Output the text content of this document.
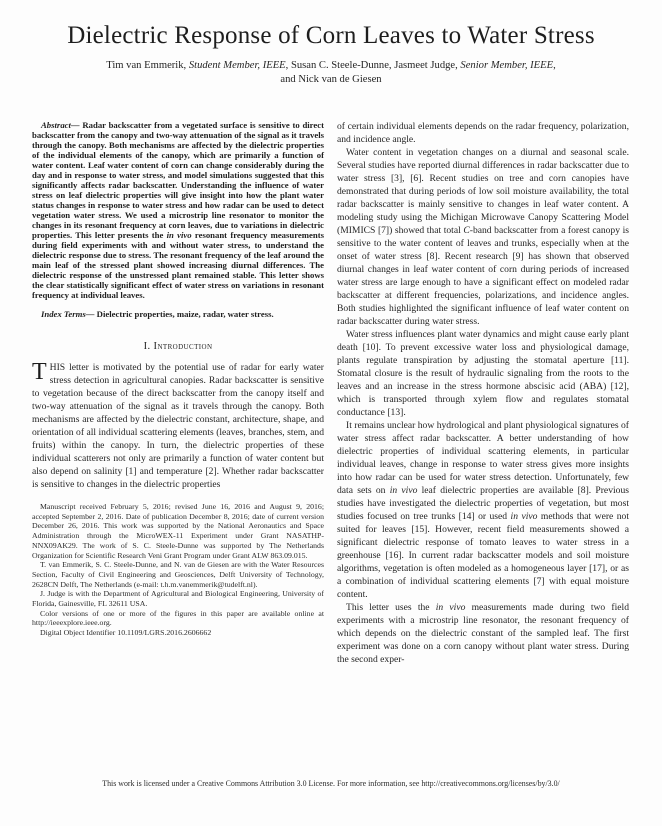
Dielectric Response of Corn Leaves to Water Stress
Tim van Emmerik, Student Member, IEEE, Susan C. Steele-Dunne, Jasmeet Judge, Senior Member, IEEE,
and Nick van de Giesen

Abstract— Radar backscatter from a vegetated surface is sensitive to direct backscatter from the canopy and two-way attenuation of the signal as it travels through the canopy. Both mechanisms are affected by the dielectric properties of the individual elements of the canopy, which are primarily a function of water content. Leaf water content of corn can change considerably during the day and in response to water stress, and model simulations suggested that this significantly affects radar backscatter. Understanding the influence of water stress on leaf dielectric properties will give insight into how the plant water status changes in response to water stress and how radar can be used to detect vegetation water stress. We used a microstrip line resonator to monitor the changes in its resonant frequency at corn leaves, due to variations in dielectric properties. This letter presents the in vivo resonant frequency measurements during field experiments with and without water stress, to understand the dielectric response due to stress. The resonant frequency of the leaf around the main leaf of the stressed plant showed increasing diurnal differences. The dielectric response of the unstressed plant remained stable. This letter shows the clear statistically significant effect of water stress on variations in resonant frequency at individual leaves.

Index Terms— Dielectric properties, maize, radar, water stress.

I. Introduction

THIS letter is motivated by the potential use of radar for early water stress detection in agricultural canopies. Radar backscatter is sensitive to vegetation because of the direct backscatter from the canopy itself and two-way attenuation of the signal as it travels through the canopy. Both mechanisms are affected by the dielectric constant, architecture, shape, and orientation of all individual scattering elements (leaves, branches, stem, and fruits) within the canopy. In turn, the dielectric properties of these individual scatterers not only are primarily a function of water content but also depend on salinity [1] and temperature [2]. Whether radar backscatter is sensitive to changes in the dielectric properties

Manuscript received February 5, 2016; revised June 16, 2016 and August 9, 2016; accepted September 2, 2016. Date of publication December 8, 2016; date of current version December 26, 2016. This work was supported by the National Aeronautics and Space Administration through the MicroWEX-11 Experiment under Grant NASATHP-NNX09AK29. The work of S. C. Steele-Dunne was supported by The Netherlands Organization for Scientific Research Veni Grant Program under Grant ALW 863.09.015.

T. van Emmerik, S. C. Steele-Dunne, and N. van de Giesen are with the Water Resources Section, Faculty of Civil Engineering and Geosciences, Delft University of Technology, 2628CN Delft, The Netherlands (e-mail: t.h.m.vanemmerik@tudelft.nl).

J. Judge is with the Department of Agricultural and Biological Engineering, University of Florida, Gainesville, FL 32611 USA.

Color versions of one or more of the figures in this paper are available online at http://ieeexplore.ieee.org.

Digital Object Identifier 10.1109/LGRS.2016.2606662

of certain individual elements depends on the radar frequency, polarization, and incidence angle.

Water content in vegetation changes on a diurnal and seasonal scale. Several studies have reported diurnal differences in radar backscatter due to water stress [3], [6]. Recent studies on tree and corn canopies have demonstrated that during periods of low soil moisture availability, the total radar backscatter is mainly sensitive to changes in leaf water content. A modeling study using the Michigan Microwave Canopy Scattering Model (MIMICS [7]) showed that total C-band backscatter from a forest canopy is sensitive to the water content of leaves and trunks, especially when at the onset of water stress [8]. Recent research [9] has shown that observed diurnal changes in leaf water content of corn during periods of increased water stress are large enough to have a significant effect on modeled radar backscatter at different frequencies, polarizations, and incidence angles. Both studies highlighted the significant influence of leaf water content on radar backscatter during water stress.

Water stress influences plant water dynamics and might cause early plant death [10]. To prevent excessive water loss and physiological damage, plants regulate transpiration by adjusting the stomatal aperture [11]. Stomatal closure is the result of hydraulic signaling from the roots to the leaves and an increase in the stress hormone abscisic acid (ABA) [12], which is transported through xylem flow and regulates stomatal conductance [13].

It remains unclear how hydrological and plant physiological signatures of water stress affect radar backscatter. A better understanding of how dielectric properties of individual scattering elements, in particular individual leaves, change in response to water stress gives more insights into how radar can be used for water stress detection. Unfortunately, few data sets on in vivo leaf dielectric properties are available [8]. Previous studies have investigated the dielectric properties of vegetation, but most studies focused on tree trunks [14] or used in vivo methods that were not suited for leaves [15]. However, recent field measurements showed a significant dielectric response of tomato leaves to water stress in a greenhouse [16]. In current radar backscatter models and soil moisture algorithms, vegetation is often modeled as a homogeneous layer [17], or as a combination of individual scattering elements [7] with equal moisture content.

This letter uses the in vivo measurements made during two field experiments with a microstrip line resonator, the resonant frequency of which depends on the dielectric constant of the sampled leaf. The first experiment was done on a corn canopy without plant water stress. During the second exper-

This work is licensed under a Creative Commons Attribution 3.0 License. For more information, see http://creativecommons.org/licenses/by/3.0/
